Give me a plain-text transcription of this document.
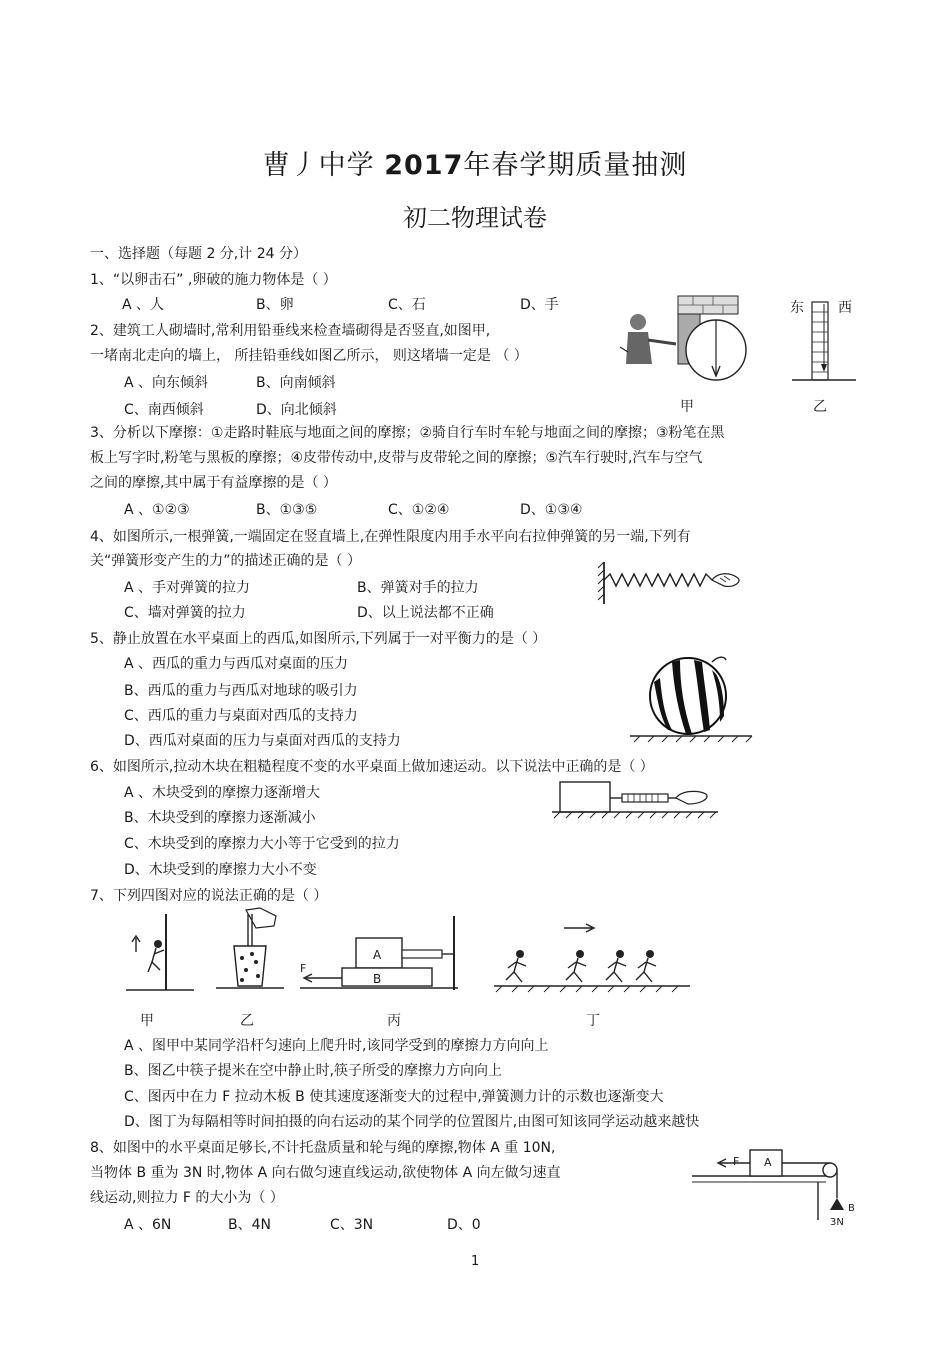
曹丿中学 2017年春学期质量抽测
初二物理试卷
一、选择题（每题 2 分,计 24 分）
1、“以卵击石” ,卵破的施力物体是（ ）
A 、人	B、卵	C、石	D、手
2、建筑工人砌墙时,常利用铅垂线来检查墙砌得是否竖直,如图甲,
一堵南北走向的墙上， 所挂铅垂线如图乙所示， 则这堵墙一定是 （ ）
A 、向东倾斜	B、向南倾斜
C、南西倾斜	D、向北倾斜	甲
东 西
乙
3、分析以下摩擦：①走路时鞋底与地面之间的摩擦；②骑自行车时车轮与地面之间的摩擦；③粉笔在黑
板上写字时,粉笔与黑板的摩擦；④皮带传动中,皮带与皮带轮之间的摩擦；⑤汽车行驶时,汽车与空气
之间的摩擦,其中属于有益摩擦的是（ ）
A 、①②③	B、①③⑤	C、①②④	D、①③④
4、如图所示,一根弹簧,一端固定在竖直墙上,在弹性限度内用手水平向右拉伸弹簧的另一端,下列有
关“弹簧形变产生的力”的描述正确的是（ ）
A 、手对弹簧的拉力	B、弹簧对手的拉力
C、墙对弹簧的拉力	D、以上说法都不正确
5、静止放置在水平桌面上的西瓜,如图所示,下列属于一对平衡力的是（ ）
A 、西瓜的重力与西瓜对桌面的压力
B、西瓜的重力与西瓜对地球的吸引力
C、西瓜的重力与桌面对西瓜的支持力
D、西瓜对桌面的压力与桌面对西瓜的支持力
6、如图所示,拉动木块在粗糙程度不变的水平桌面上做加速运动。以下说法中正确的是（ ）
A 、木块受到的摩擦力逐渐增大
B、木块受到的摩擦力逐渐减小
C、木块受到的摩擦力大小等于它受到的拉力
D、木块受到的摩擦力大小不变
7、下列四图对应的说法正确的是（ ）
甲	乙
A
B
F
丙	丁
A 、图甲中某同学沿杆匀速向上爬升时,该同学受到的摩擦力方向向上
B、图乙中筷子提米在空中静止时,筷子所受的摩擦力方向向上
C、图丙中在力 F 拉动木板 B 使其速度逐渐变大的过程中,弹簧测力计的示数也逐渐变大
D、图丁为每隔相等时间拍摄的向右运动的某个同学的位置图片,由图可知该同学运动越来越快
8、如图中的水平桌面足够长,不计托盘质量和轮与绳的摩擦,物体 A 重 10N,
当物体 B 重为 3N 时,物体 A 向右做匀速直线运动,欲使物体 A 向左做匀速直
线运动,则拉力 F 的大小为（ ）
A 、6N	B、4N	C、3N	D、0
F A
B
3N
1
